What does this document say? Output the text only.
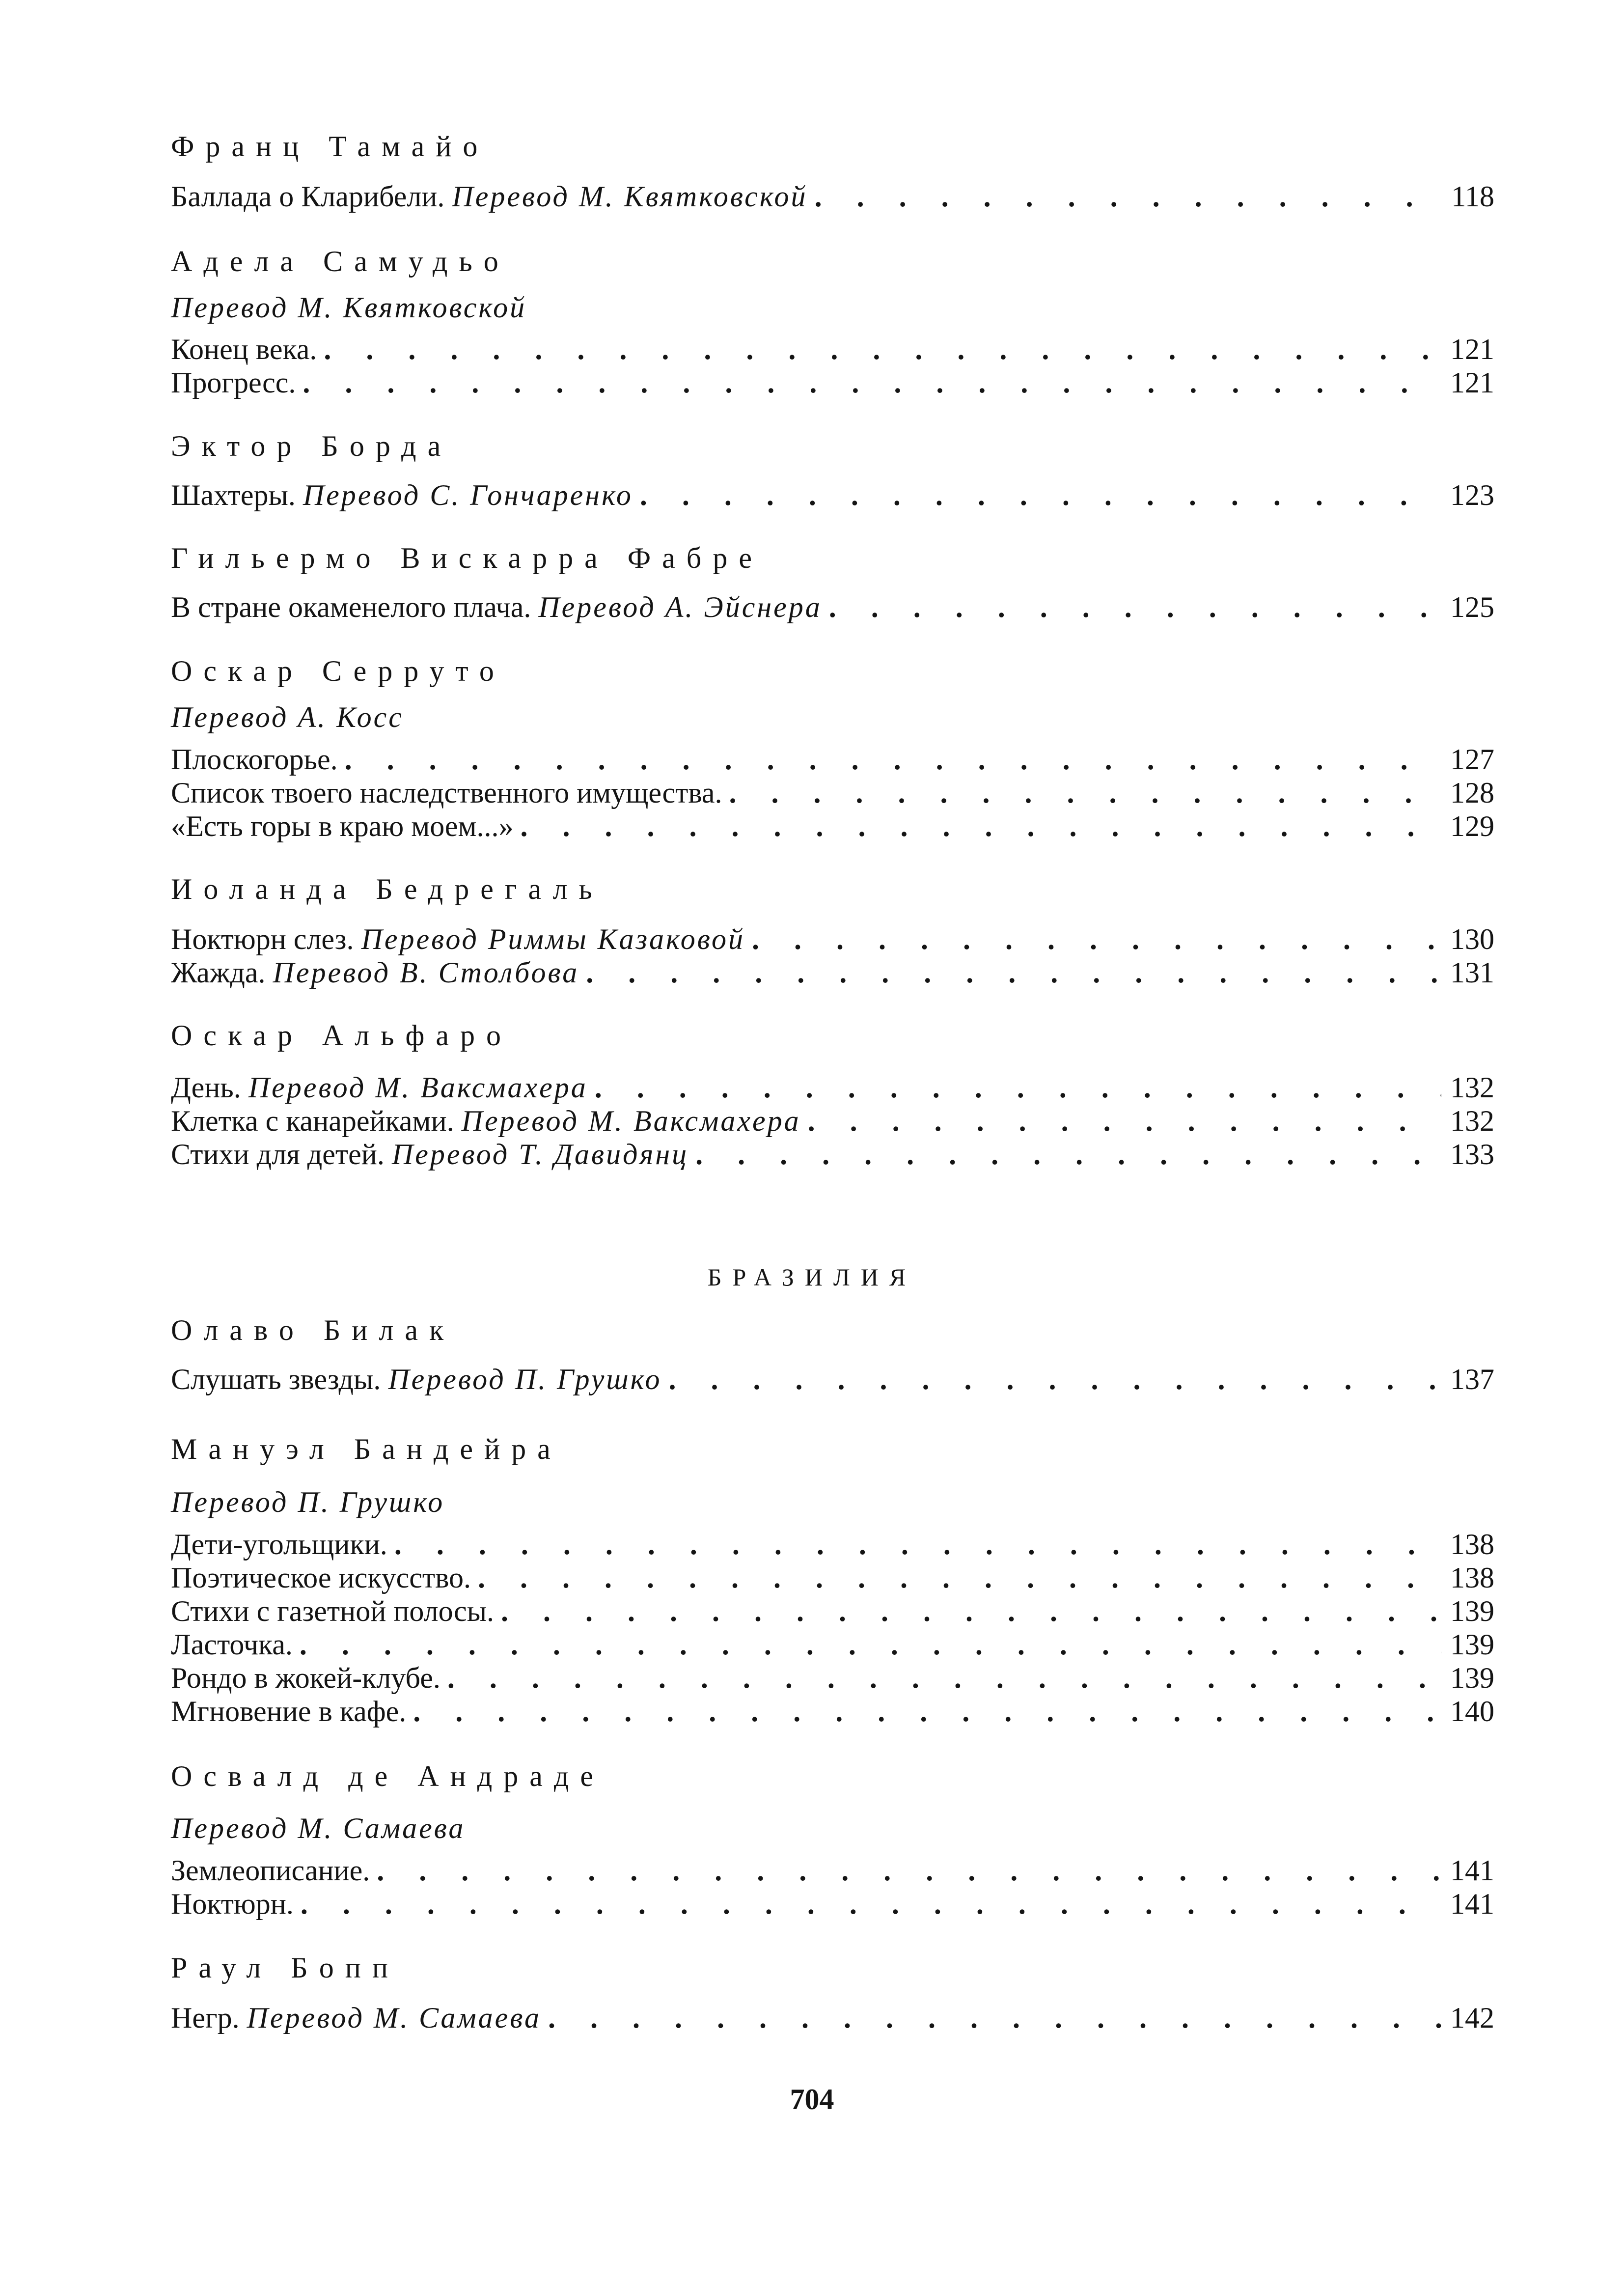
Франц Тамайо
Баллада о Кларибели. Перевод М. Квятковской . . .	118
Адела Самудьо
Перевод М. Квятковской
Конец века. . . .	121
Прогресс. . . .	121
Эктор Борда
Шахтеры. Перевод С. Гончаренко . . .	123
Гильермо Вискарра Фабре
В стране окаменелого плача. Перевод А. Эйснера . . .	125
Оскар Серруто
Перевод А. Косс
Плоскогорье. . . .	127
Список твоего наследственного имущества. . . .	128
«Есть горы в краю моем...» . . .	129
Иоланда Бедрегаль
Ноктюрн слез. Перевод Риммы Казаковой . . .	130
Жажда. Перевод В. Столбова . . .	131
Оскар Альфаро
День. Перевод М. Ваксмахера . . .	132
Клетка с канарейками. Перевод М. Ваксмахера . . .	132
Стихи для детей. Перевод Т. Давидянц . . .	133
БРАЗИЛИЯ
Олаво Билак
Слушать звезды. Перевод П. Грушко . . .	137
Мануэл Бандейра
Перевод П. Грушко
Дети-угольщики. . . .	138
Поэтическое искусство. . . .	138
Стихи с газетной полосы. . . .	139
Ласточка. . . .	139
Рондо в жокей-клубе. . . .	139
Мгновение в кафе. . . .	140
Освалд де Андраде
Перевод М. Самаева
Землеописание. . . .	141
Ноктюрн. . . .	141
Раул Бопп
Негр. Перевод М. Самаева . . .	142
704
